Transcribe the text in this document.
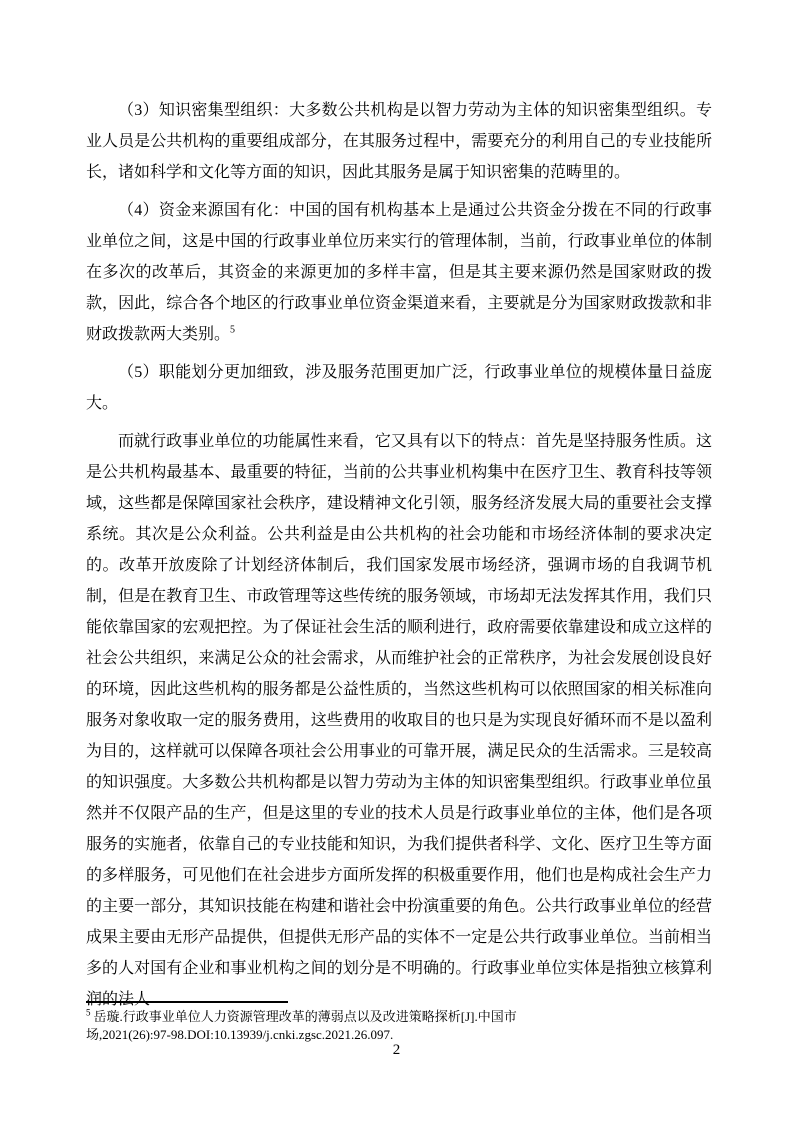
（3）知识密集型组织：大多数公共机构是以智力劳动为主体的知识密集型组织。专业人员是公共机构的重要组成部分，在其服务过程中，需要充分的利用自己的专业技能所长，诸如科学和文化等方面的知识，因此其服务是属于知识密集的范畴里的。

（4）资金来源国有化：中国的国有机构基本上是通过公共资金分拨在不同的行政事业单位之间，这是中国的行政事业单位历来实行的管理体制，当前，行政事业单位的体制在多次的改革后，其资金的来源更加的多样丰富，但是其主要来源仍然是国家财政的拨款，因此，综合各个地区的行政事业单位资金渠道来看，主要就是分为国家财政拨款和非财政拨款两大类别。$^5$

（5）职能划分更加细致，涉及服务范围更加广泛，行政事业单位的规模体量日益庞大。

而就行政事业单位的功能属性来看，它又具有以下的特点：首先是坚持服务性质。这是公共机构最基本、最重要的特征，当前的公共事业机构集中在医疗卫生、教育科技等领域，这些都是保障国家社会秩序，建设精神文化引领，服务经济发展大局的重要社会支撑系统。其次是公众利益。公共利益是由公共机构的社会功能和市场经济体制的要求决定的。改革开放废除了计划经济体制后，我们国家发展市场经济，强调市场的自我调节机制，但是在教育卫生、市政管理等这些传统的服务领域，市场却无法发挥其作用，我们只能依靠国家的宏观把控。为了保证社会生活的顺利进行，政府需要依靠建设和成立这样的社会公共组织，来满足公众的社会需求，从而维护社会的正常秩序，为社会发展创设良好的环境，因此这些机构的服务都是公益性质的，当然这些机构可以依照国家的相关标准向服务对象收取一定的服务费用，这些费用的收取目的也只是为实现良好循环而不是以盈利为目的，这样就可以保障各项社会公用事业的可靠开展，满足民众的生活需求。三是较高的知识强度。大多数公共机构都是以智力劳动为主体的知识密集型组织。行政事业单位虽然并不仅限产品的生产，但是这里的专业的技术人员是行政事业单位的主体，他们是各项服务的实施者，依靠自己的专业技能和知识，为我们提供者科学、文化、医疗卫生等方面的多样服务，可见他们在社会进步方面所发挥的积极重要作用，他们也是构成社会生产力的主要一部分，其知识技能在构建和谐社会中扮演重要的角色。公共行政事业单位的经营成果主要由无形产品提供，但提供无形产品的实体不一定是公共行政事业单位。当前相当多的人对国有企业和事业机构之间的划分是不明确的。行政事业单位实体是指独立核算利润的法人

$^5$ 岳璇.行政事业单位人力资源管理改革的薄弱点以及改进策略探析[J].中国市
场,2021(26):97-98.DOI:10.13939/j.cnki.zgsc.2021.26.097.
2
